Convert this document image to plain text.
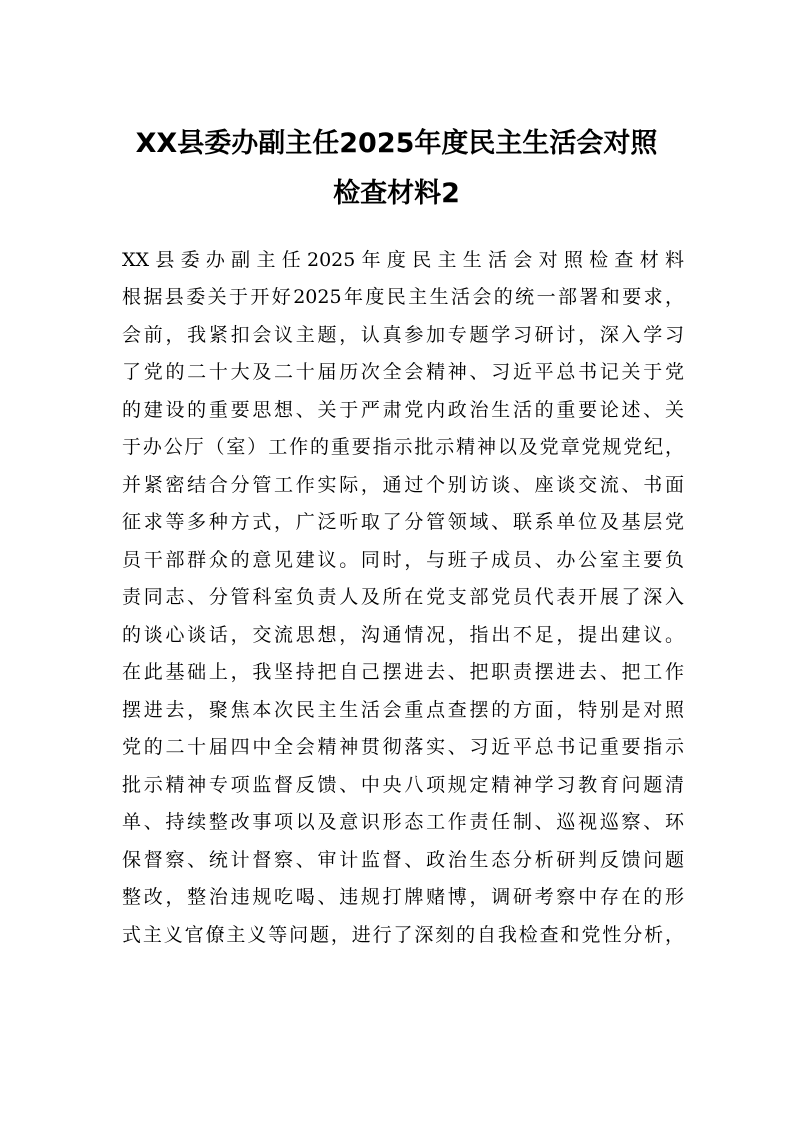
XX县委办副主任2025年度民主生活会对照
检查材料2
XX县委办副主任2025年度民主生活会对照检查材料
根据县委关于开好2025年度民主生活会的统一部署和要求，
会前，我紧扣会议主题，认真参加专题学习研讨，深入学习
了党的二十大及二十届历次全会精神、习近平总书记关于党
的建设的重要思想、关于严肃党内政治生活的重要论述、关
于办公厅（室）工作的重要指示批示精神以及党章党规党纪，
并紧密结合分管工作实际，通过个别访谈、座谈交流、书面
征求等多种方式，广泛听取了分管领域、联系单位及基层党
员干部群众的意见建议。同时，与班子成员、办公室主要负
责同志、分管科室负责人及所在党支部党员代表开展了深入
的谈心谈话，交流思想，沟通情况，指出不足，提出建议。
在此基础上，我坚持把自己摆进去、把职责摆进去、把工作
摆进去，聚焦本次民主生活会重点查摆的方面，特别是对照
党的二十届四中全会精神贯彻落实、习近平总书记重要指示
批示精神专项监督反馈、中央八项规定精神学习教育问题清
单、持续整改事项以及意识形态工作责任制、巡视巡察、环
保督察、统计督察、审计监督、政治生态分析研判反馈问题
整改，整治违规吃喝、违规打牌赌博，调研考察中存在的形
式主义官僚主义等问题，进行了深刻的自我检查和党性分析，
